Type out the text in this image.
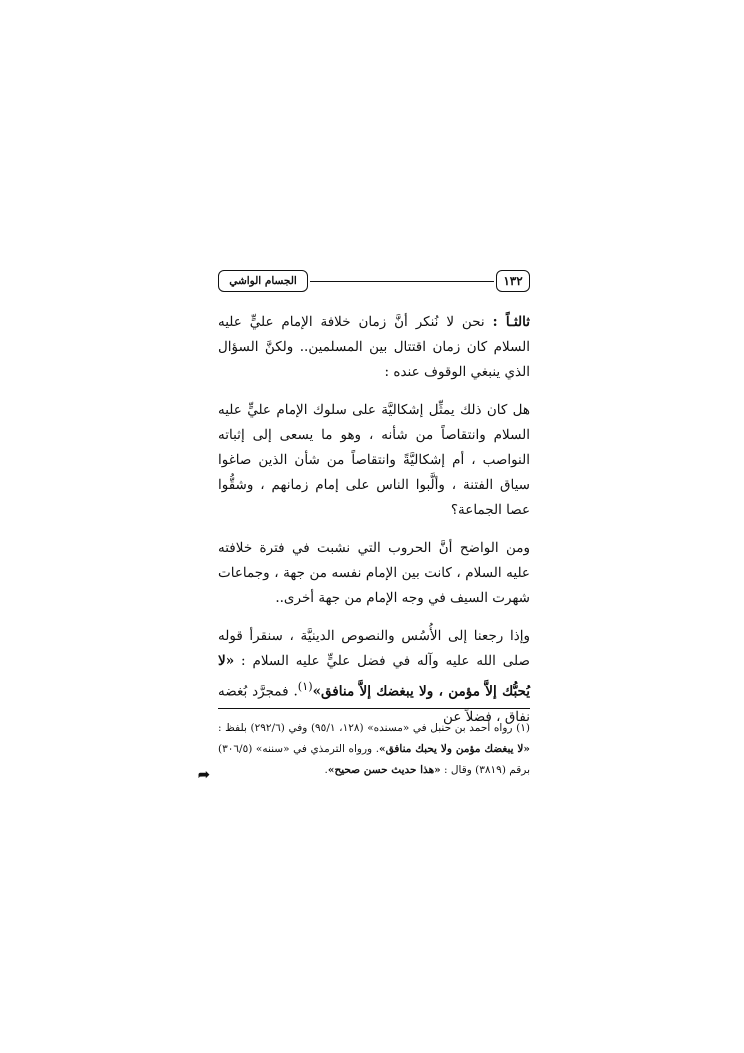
١٣٢
الجسام الواشي

ثالثـاً : نحن لا نُنكر أنَّ زمان خلافة الإمام عليٍّ عليه السلام كان زمان اقتتال بين المسلمين.. ولكنَّ السؤال الذي ينبغي الوقوف عنده :

هل كان ذلك يمثِّل إشكاليَّة على سلوك الإمام عليٍّ عليه السلام وانتقاصاً من شأنه ، وهو ما يسعى إلى إثباته النواصب ، أم إشكاليَّةً وانتقاصاً من شأن الذين صاغوا سياق الفتنة ، وألَّبوا الناس على إمام زمانهم ، وشقُّوا عصا الجماعة؟

ومن الواضح أنَّ الحروب التي نشبت في فترة خلافته عليه السلام ، كانت بين الإمام نفسه من جهة ، وجماعات شهرت السيف في وجه الإمام من جهة أخرى..

وإذا رجعنا إلى الأُسُس والنصوص الدينيَّة ، سنقرأ قوله صلى الله عليه وآله في فضل عليٍّ عليه السلام : «لا يُحبُّك إلاَّ مؤمن ، ولا يبغضك إلاَّ منافق»$^{(١)}$. فمجرَّد بُغضه نفاق ، فضلاً عن

(١) رواه أحمد بن حنبل في «مسنده» (١٢٨، ٩٥/١) وفي (٢٩٢/٦) بلفظ : «لا يبغضك مؤمن ولا يحبك منافق». ورواه الترمذي في «سننه» (٣٠٦/٥) برقم (٣٨١٩) وقال : «هذا حديث حسن صحيح».
➦
